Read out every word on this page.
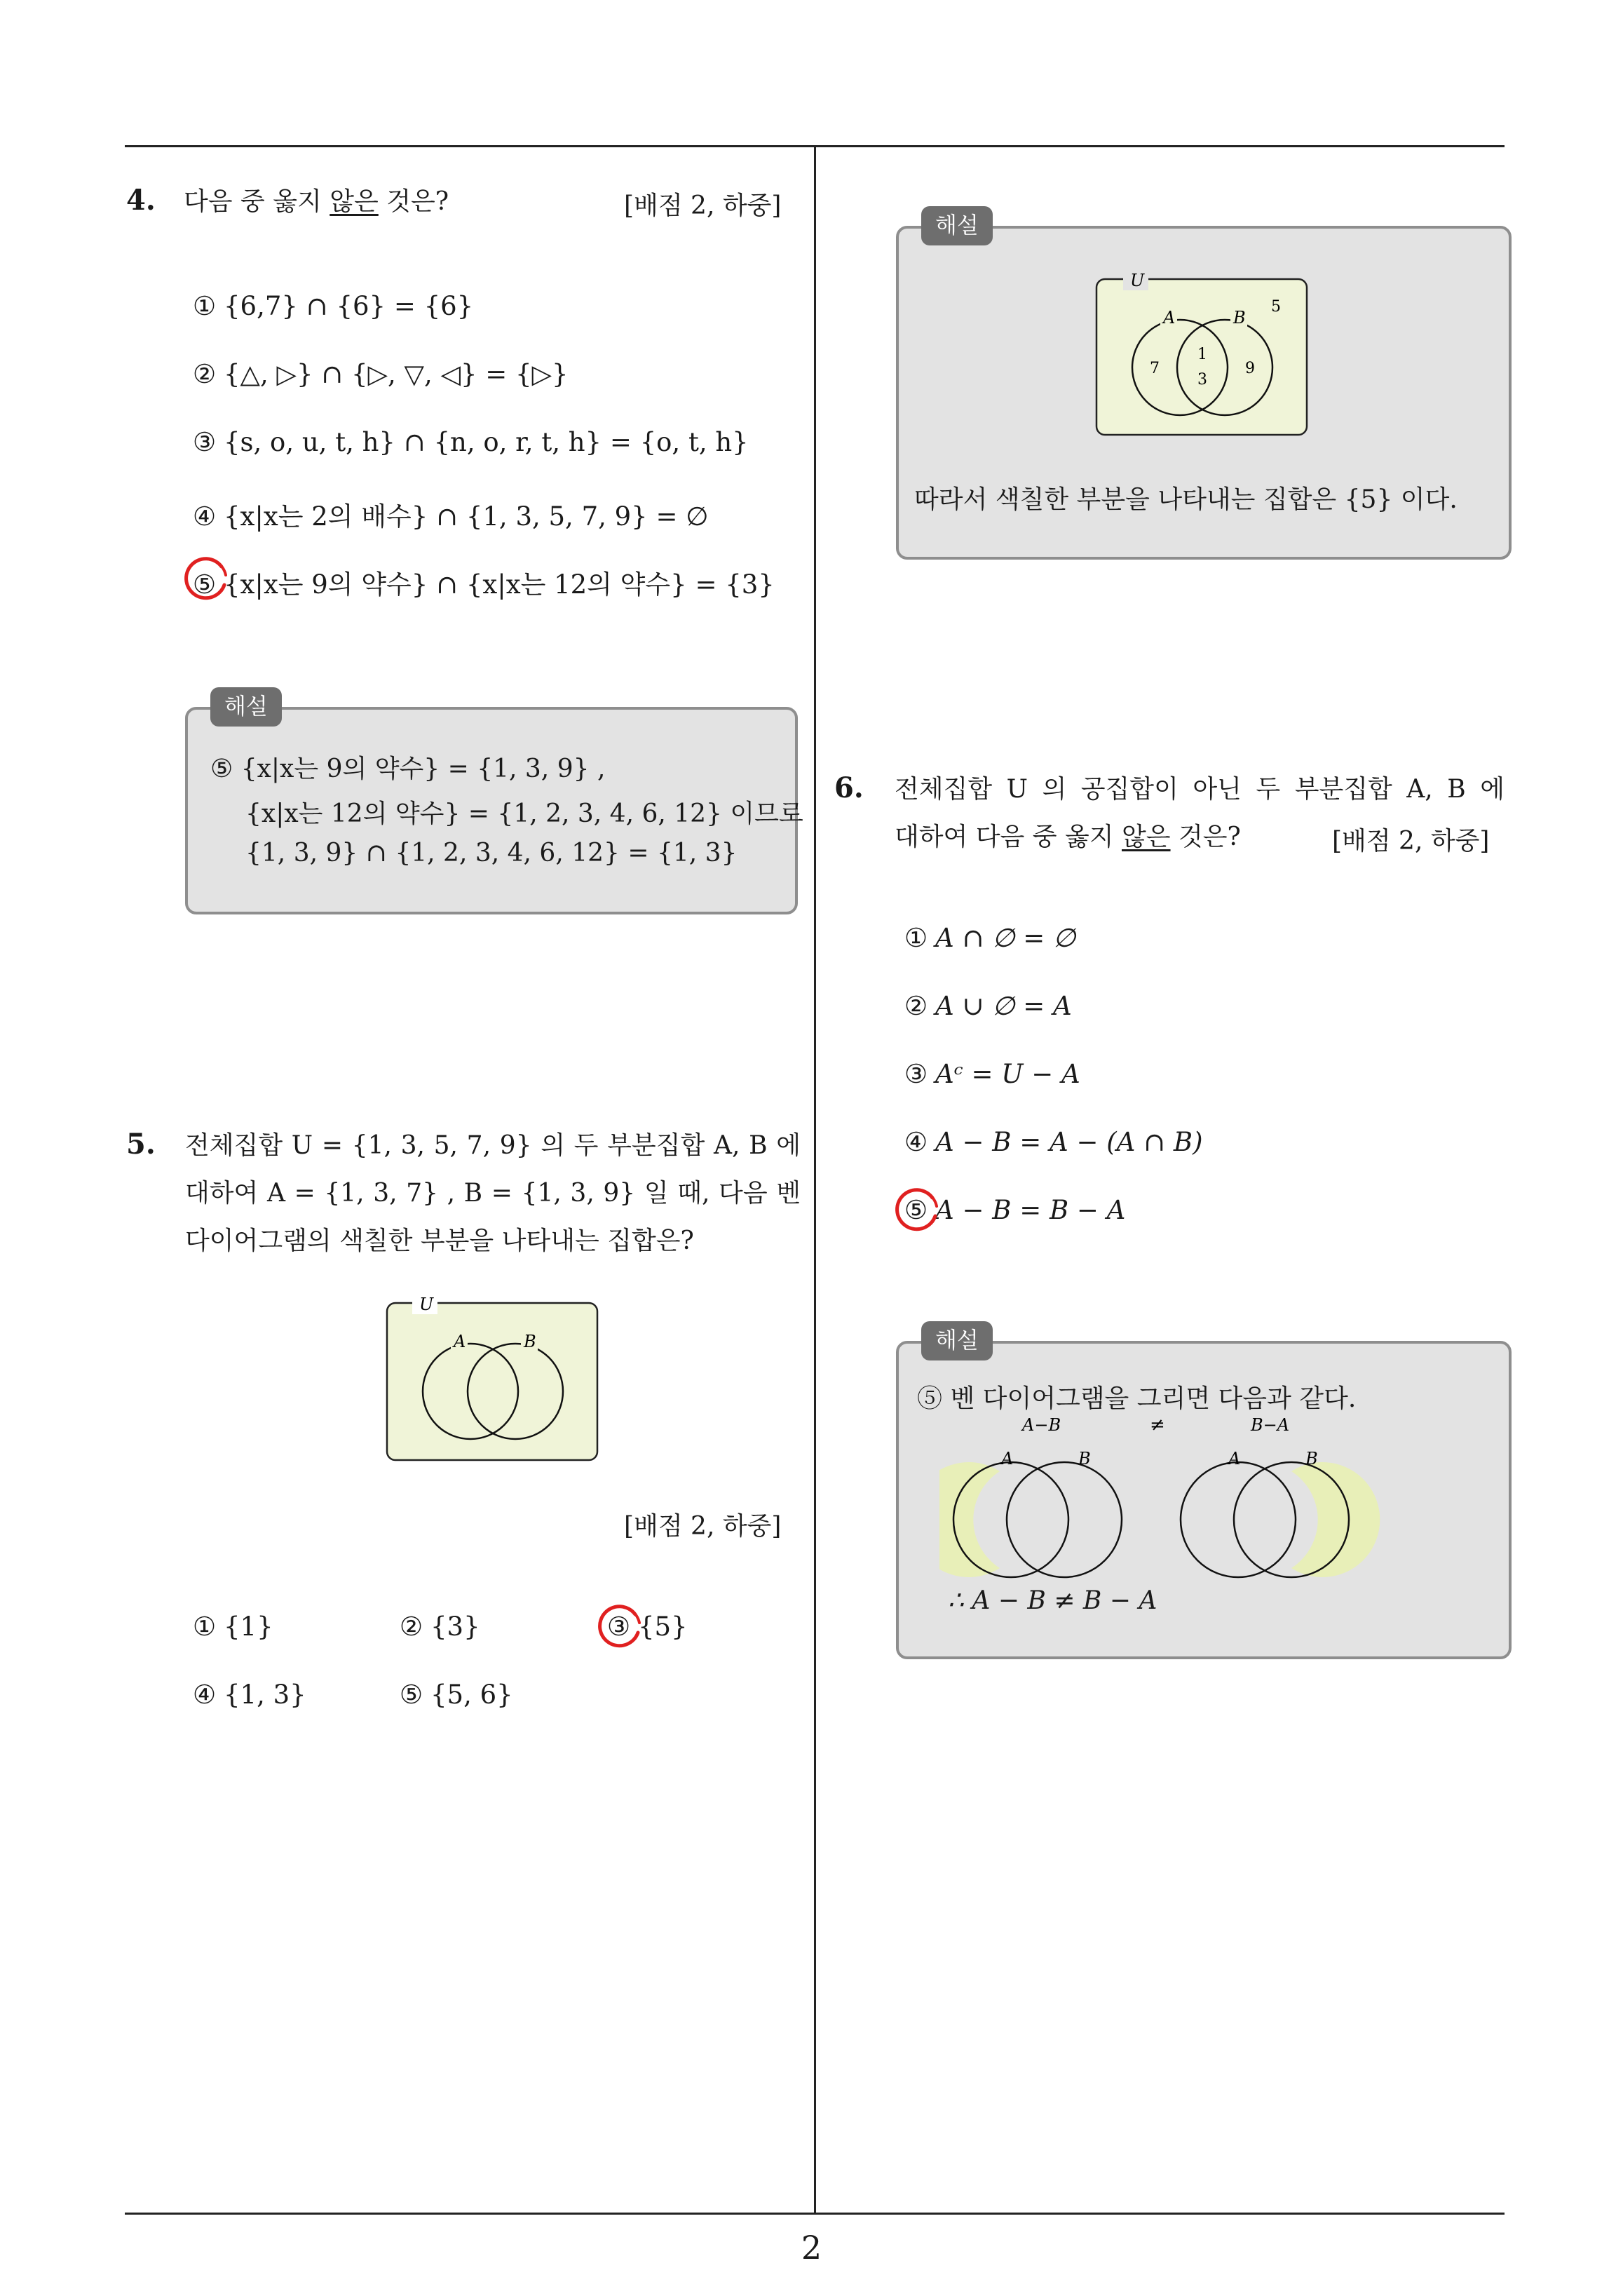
4. 다음 중 옳지 않은 것은?	[배점 2, 하중]
① {6,7} ∩ {6} = {6}
② {△, ▷} ∩ {▷, ▽, ◁} = {▷}
③ {s, o, u, t, h} ∩ {n, o, r, t, h} = {o, t, h}
④ {x|x는 2의 배수} ∩ {1, 3, 5, 7, 9} = ∅
⑤ {x|x는 9의 약수} ∩ {x|x는 12의 약수} = {3}
해설
⑤ {x|x는 9의 약수} = {1, 3, 9} ,
{x|x는 12의 약수} = {1, 2, 3, 4, 6, 12} 이므로
{1, 3, 9} ∩ {1, 2, 3, 4, 6, 12} = {1, 3}
5. 전체집합 U = {1, 3, 5, 7, 9} 의 두 부분집합 A, B 에
대하여 A = {1, 3, 7} , B = {1, 3, 9} 일 때, 다음 벤
다이어그램의 색칠한 부분을 나타내는 집합은?
U
A	B
[배점 2, 하중]
① {1}	② {3}	③ {5}
④ {1, 3}	⑤ {5, 6}
해설
U
A	B
5
7
1
3
9
따라서 색칠한 부분을 나타내는 집합은 {5} 이다.
6. 전체집합 U 의 공집합이 아닌 두 부분집합 A, B 에
대하여 다음 중 옳지 않은 것은?	[배점 2, 하중]
① A ∩ ∅ = ∅
② A ∪ ∅ = A
③ Aᶜ = U − A
④ A − B = A − (A ∩ B)
⑤ A − B = B − A
해설
⑤ 벤 다이어그램을 그리면 다음과 같다.
A−B
A	B
≠	B−A
A	B
∴ A − B ≠ B − A
2
